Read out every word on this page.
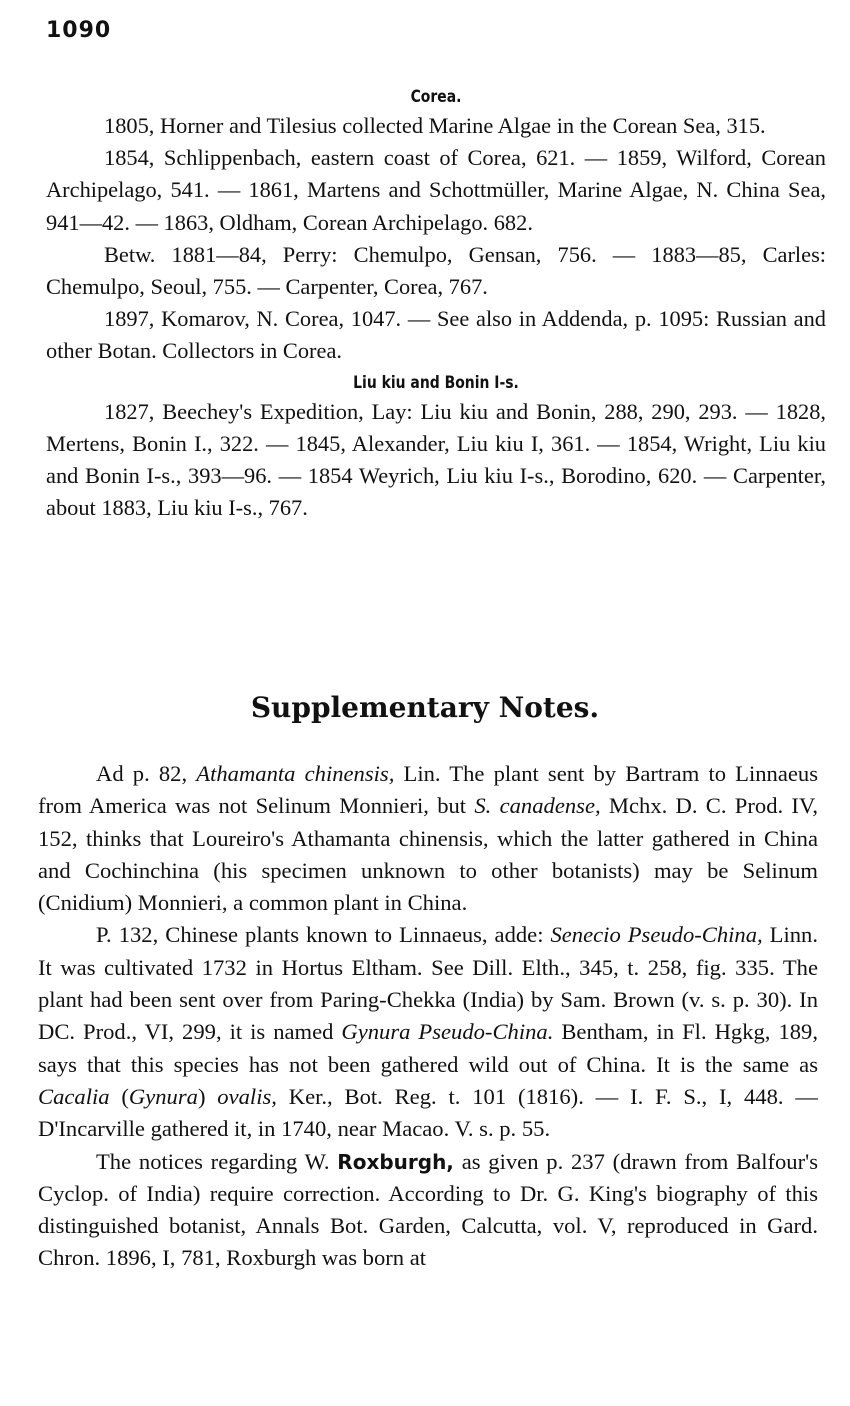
1090
Corea.

1805, Horner and Tilesius collected Marine Algae in the Corean Sea, 315.

1854, Schlippenbach, eastern coast of Corea, 621. — 1859, Wilford, Corean Archipelago, 541. — 1861, Martens and Schottmüller, Marine Algae, N. China Sea, 941—42. — 1863, Oldham, Corean Archipelago. 682.

Betw. 1881—84, Perry: Chemulpo, Gensan, 756. — 1883—85, Carles: Chemulpo, Seoul, 755. — Carpenter, Corea, 767.

1897, Komarov, N. Corea, 1047. — See also in Addenda, p. 1095: Russian and other Botan. Collectors in Corea.

Liu kiu and Bonin I-s.

1827, Beechey's Expedition, Lay: Liu kiu and Bonin, 288, 290, 293. — 1828, Mertens, Bonin I., 322. — 1845, Alexander, Liu kiu I, 361. — 1854, Wright, Liu kiu and Bonin I-s., 393—96. — 1854 Weyrich, Liu kiu I-s., Borodino, 620. — Carpenter, about 1883, Liu kiu I-s., 767.

Supplementary Notes.

Ad p. 82, Athamanta chinensis, Lin. The plant sent by Bartram to Linnaeus from America was not Selinum Monnieri, but S. canadense, Mchx. D. C. Prod. IV, 152, thinks that Loureiro's Athamanta chinensis, which the latter gathered in China and Cochinchina (his specimen unknown to other botanists) may be Selinum (Cnidium) Monnieri, a common plant in China.

P. 132, Chinese plants known to Linnaeus, adde: Senecio Pseudo-China, Linn. It was cultivated 1732 in Hortus Eltham. See Dill. Elth., 345, t. 258, fig. 335. The plant had been sent over from Paring-Chekka (India) by Sam. Brown (v. s. p. 30). In DC. Prod., VI, 299, it is named Gynura Pseudo-China. Bentham, in Fl. Hgkg, 189, says that this species has not been gathered wild out of China. It is the same as Cacalia (Gynura) ovalis, Ker., Bot. Reg. t. 101 (1816). — I. F. S., I, 448. — D'Incarville gathered it, in 1740, near Macao. V. s. p. 55.

The notices regarding W. Roxburgh, as given p. 237 (drawn from Balfour's Cyclop. of India) require correction. According to Dr. G. King's biography of this distinguished botanist, Annals Bot. Garden, Calcutta, vol. V, reproduced in Gard. Chron. 1896, I, 781, Roxburgh was born at
